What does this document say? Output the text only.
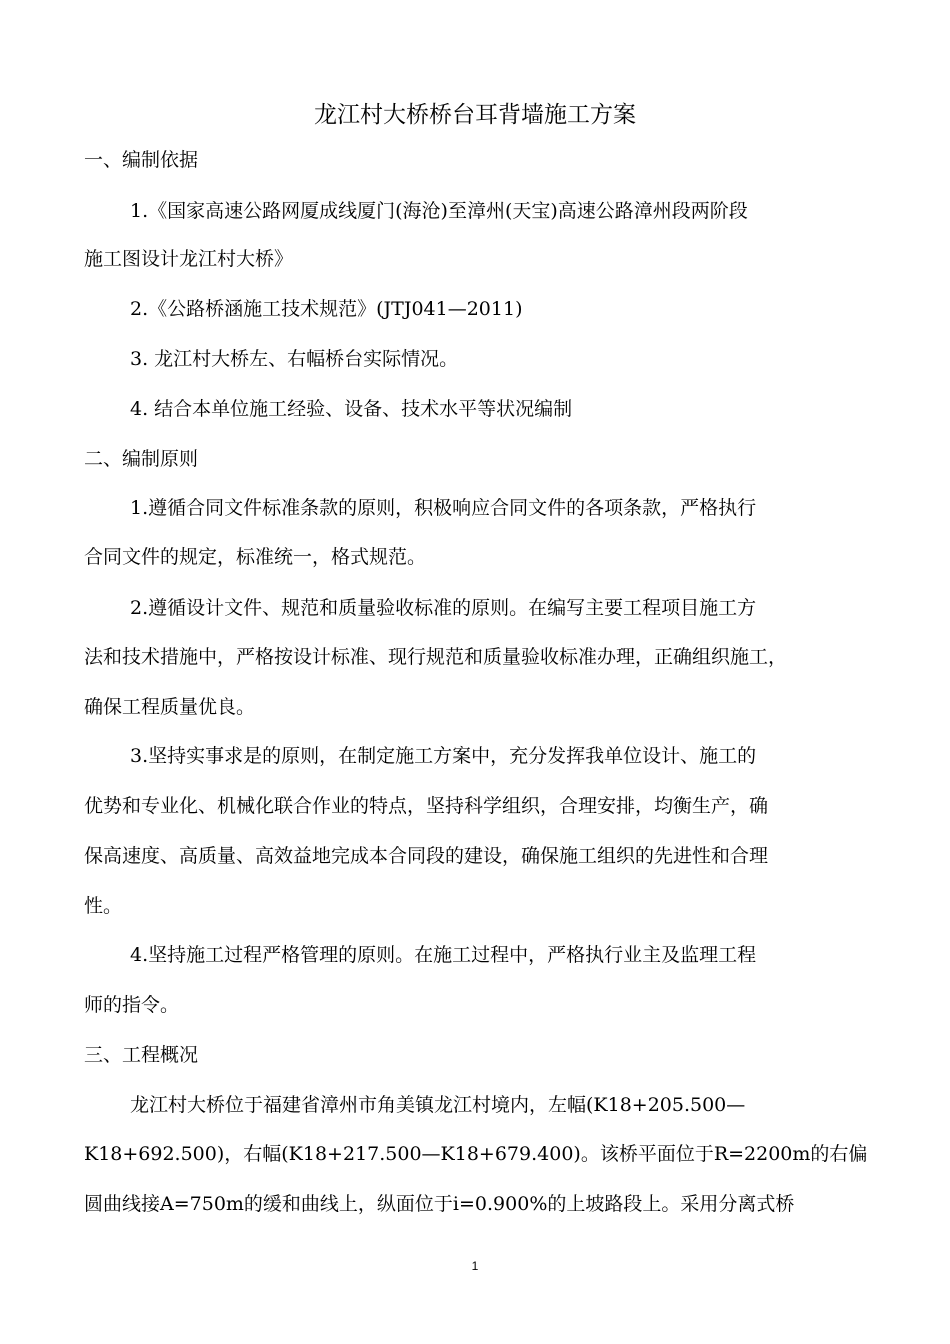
龙江村大桥桥台耳背墙施工方案
一、编制依据
1.《国家高速公路网厦成线厦门(海沧)至漳州(天宝)高速公路漳州段两阶段
施工图设计龙江村大桥》
2.《公路桥涵施工技术规范》(JTJ041—2011)
3. 龙江村大桥左、右幅桥台实际情况。
4. 结合本单位施工经验、设备、技术水平等状况编制
二、编制原则
1.遵循合同文件标准条款的原则，积极响应合同文件的各项条款，严格执行
合同文件的规定，标准统一，格式规范。
2.遵循设计文件、规范和质量验收标准的原则。在编写主要工程项目施工方
法和技术措施中，严格按设计标准、现行规范和质量验收标准办理，正确组织施工，
确保工程质量优良。
3.坚持实事求是的原则，在制定施工方案中，充分发挥我单位设计、施工的
优势和专业化、机械化联合作业的特点，坚持科学组织，合理安排，均衡生产，确
保高速度、高质量、高效益地完成本合同段的建设，确保施工组织的先进性和合理
性。
4.坚持施工过程严格管理的原则。在施工过程中，严格执行业主及监理工程
师的指令。
三、工程概况
龙江村大桥位于福建省漳州市角美镇龙江村境内，左幅(K18+205.500—
K18+692.500)，右幅(K18+217.500—K18+679.400)。该桥平面位于R=2200m的右偏
圆曲线接A=750m的缓和曲线上，纵面位于i=0.900%的上坡路段上。采用分离式桥
1
